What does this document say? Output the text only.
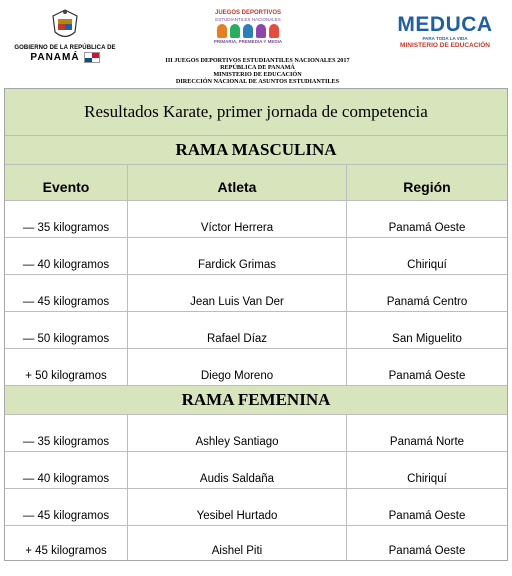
GOBIERNO DE LA REPÚBLICA DE
PANAMÁ
JUEGOS DEPORTIVOS
ESTUDIANTILES NACIONALES
PRIMARIA, PREMEDIA Y MEDIA
III JUEGOS DEPORTIVOS ESTUDIANTILES NACIONALES 2017
REPÚBLICA DE PANAMÁ
MINISTERIO DE EDUCACIÓN
DIRECCIÓN NACIONAL DE ASUNTOS ESTUDIANTILES
MEDUCA
PARA TODA LA VIDA
MINISTERIO DE EDUCACIÓN
Resultados Karate, primer jornada de competencia
RAMA MASCULINA
Evento	Atleta	Región
— 35 kilogramos	Víctor Herrera	Panamá Oeste
— 40 kilogramos	Fardick Grimas	Chiriquí
— 45 kilogramos	Jean Luis Van Der	Panamá Centro
— 50 kilogramos	Rafael Díaz	San Miguelito
+ 50 kilogramos	Diego Moreno	Panamá Oeste
RAMA FEMENINA
— 35 kilogramos	Ashley Santiago	Panamá Norte
— 40 kilogramos	Audis Saldaña	Chiriquí
— 45 kilogramos	Yesibel Hurtado	Panamá Oeste
+ 45 kilogramos	Aishel Piti	Panamá Oeste
